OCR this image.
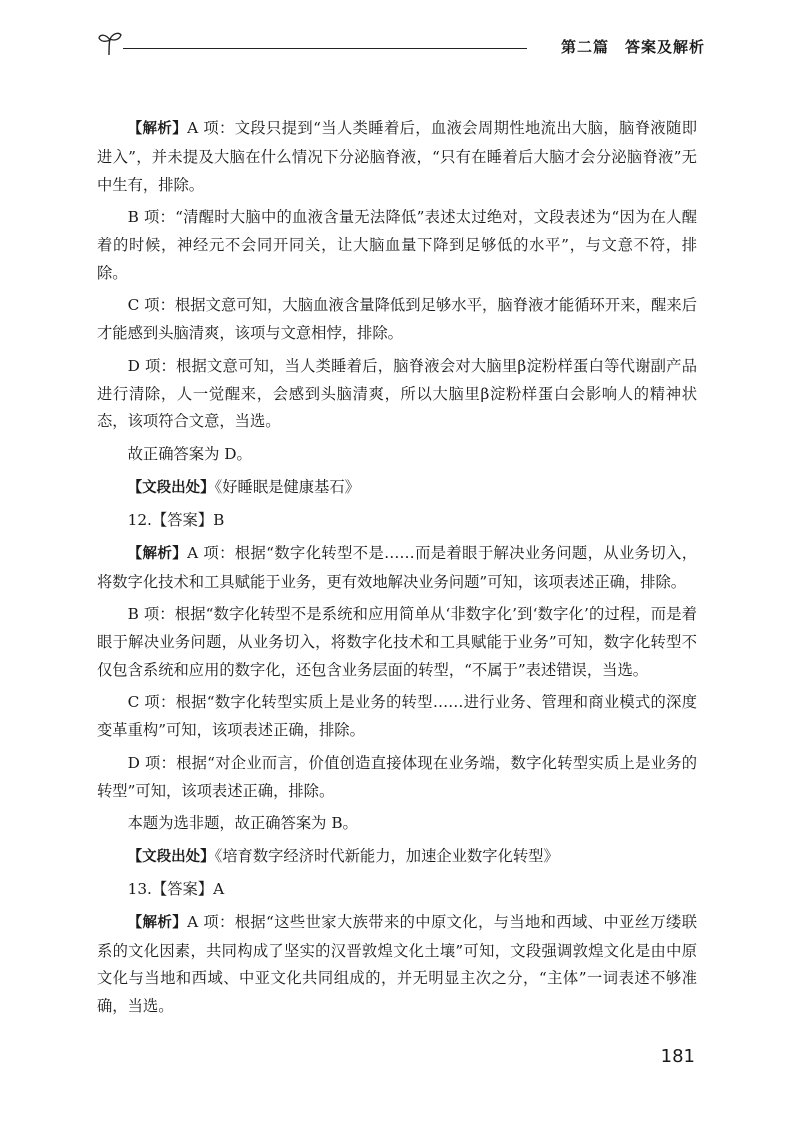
第二篇　答案及解析

【解析】A 项：文段只提到“当人类睡着后，血液会周期性地流出大脑，脑脊液随即进入”，并未提及大脑在什么情况下分泌脑脊液，“只有在睡着后大脑才会分泌脑脊液”无中生有，排除。

B 项：“清醒时大脑中的血液含量无法降低”表述太过绝对，文段表述为“因为在人醒着的时候，神经元不会同开同关，让大脑血量下降到足够低的水平”，与文意不符，排除。

C 项：根据文意可知，大脑血液含量降低到足够水平，脑脊液才能循环开来，醒来后才能感到头脑清爽，该项与文意相悖，排除。

D 项：根据文意可知，当人类睡着后，脑脊液会对大脑里β淀粉样蛋白等代谢副产品进行清除，人一觉醒来，会感到头脑清爽，所以大脑里β淀粉样蛋白会影响人的精神状态，该项符合文意，当选。

故正确答案为 D。

【文段出处】《好睡眠是健康基石》

12.【答案】B

【解析】A 项：根据“数字化转型不是……而是着眼于解决业务问题，从业务切入，将数字化技术和工具赋能于业务，更有效地解决业务问题”可知，该项表述正确，排除。

B 项：根据“数字化转型不是系统和应用简单从‘非数字化’到‘数字化’的过程，而是着眼于解决业务问题，从业务切入，将数字化技术和工具赋能于业务”可知，数字化转型不仅包含系统和应用的数字化，还包含业务层面的转型，“不属于”表述错误，当选。

C 项：根据“数字化转型实质上是业务的转型……进行业务、管理和商业模式的深度变革重构”可知，该项表述正确，排除。

D 项：根据“对企业而言，价值创造直接体现在业务端，数字化转型实质上是业务的转型”可知，该项表述正确，排除。

本题为选非题，故正确答案为 B。

【文段出处】《培育数字经济时代新能力，加速企业数字化转型》

13.【答案】A

【解析】A 项：根据“这些世家大族带来的中原文化，与当地和西域、中亚丝万缕联系的文化因素，共同构成了坚实的汉晋敦煌文化土壤”可知，文段强调敦煌文化是由中原文化与当地和西域、中亚文化共同组成的，并无明显主次之分，“主体”一词表述不够准确，当选。

181
